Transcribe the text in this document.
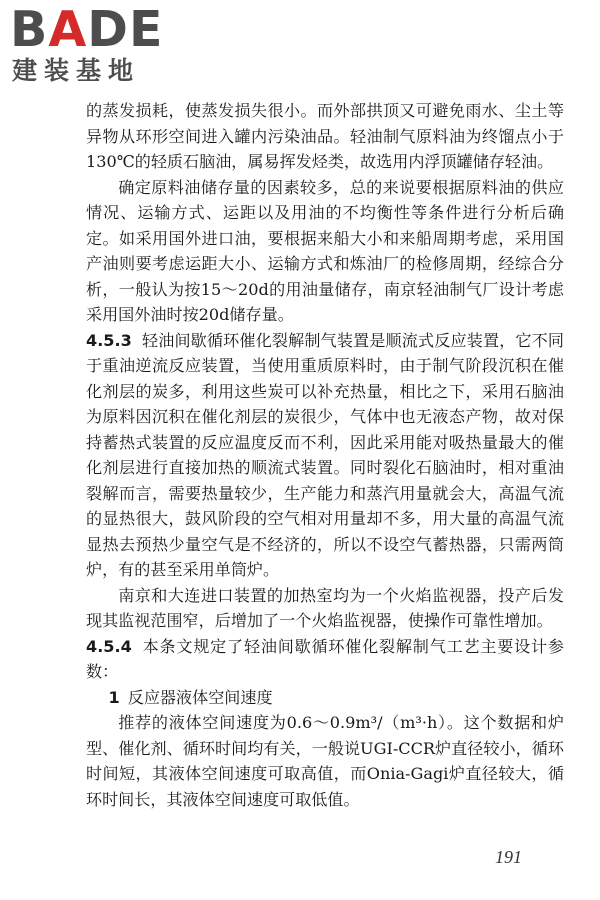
BADE
建装基地

的蒸发损耗，使蒸发损失很小。而外部拱顶又可避免雨水、尘土等异物从环形空间进入罐内污染油品。轻油制气原料油为终馏点小于130℃的轻质石脑油，属易挥发烃类，故选用内浮顶罐储存轻油。

确定原料油储存量的因素较多，总的来说要根据原料油的供应情况、运输方式、运距以及用油的不均衡性等条件进行分析后确定。如采用国外进口油，要根据来船大小和来船周期考虑，采用国产油则要考虑运距大小、运输方式和炼油厂的检修周期，经综合分析，一般认为按15～20d的用油量储存，南京轻油制气厂设计考虑采用国外油时按20d储存量。

4.5.3 轻油间歇循环催化裂解制气装置是顺流式反应装置，它不同于重油逆流反应装置，当使用重质原料时，由于制气阶段沉积在催化剂层的炭多，利用这些炭可以补充热量，相比之下，采用石脑油为原料因沉积在催化剂层的炭很少，气体中也无液态产物，故对保持蓄热式装置的反应温度反而不利，因此采用能对吸热量最大的催化剂层进行直接加热的顺流式装置。同时裂化石脑油时，相对重油裂解而言，需要热量较少，生产能力和蒸汽用量就会大，高温气流的显热很大，鼓风阶段的空气相对用量却不多，用大量的高温气流显热去预热少量空气是不经济的，所以不设空气蓄热器，只需两筒炉，有的甚至采用单筒炉。

南京和大连进口装置的加热室均为一个火焰监视器，投产后发现其监视范围窄，后增加了一个火焰监视器，使操作可靠性增加。

4.5.4 本条文规定了轻油间歇循环催化裂解制气工艺主要设计参数：

1 反应器液体空间速度

推荐的液体空间速度为0.6～0.9m³/（m³·h）。这个数据和炉型、催化剂、循环时间均有关，一般说UGI-CCR炉直径较小，循环时间短，其液体空间速度可取高值，而Onia-Gagi炉直径较大，循环时间长，其液体空间速度可取低值。

191
